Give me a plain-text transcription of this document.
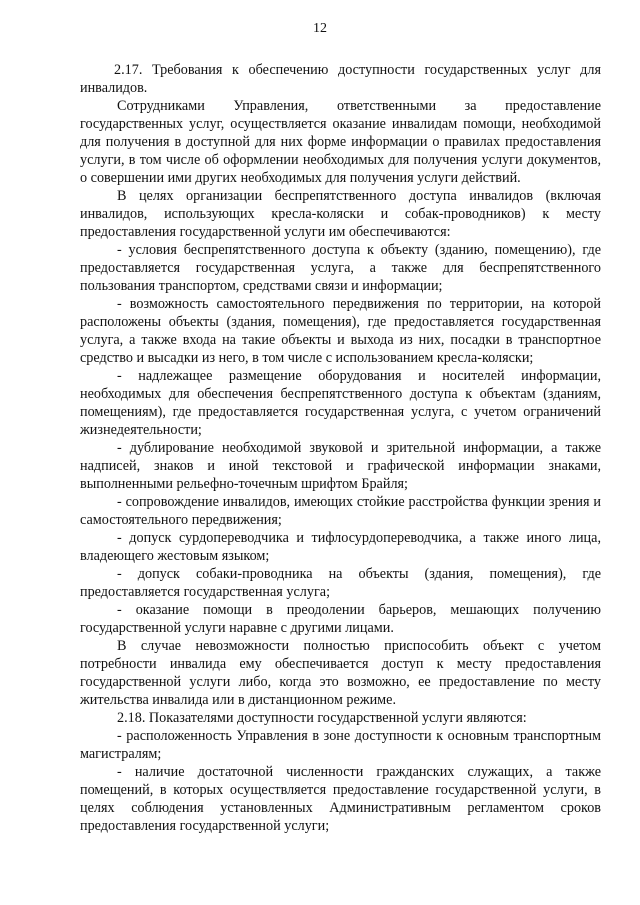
12

2.17. Требования к обеспечению доступности государственных услуг для инвалидов.

Сотрудниками Управления, ответственными за предоставление государственных услуг, осуществляется оказание инвалидам помощи, необходимой для получения в доступной для них форме информации о правилах предоставления услуги, в том числе об оформлении необходимых для получения услуги документов, о совершении ими других необходимых для получения услуги действий.

В целях организации беспрепятственного доступа инвалидов (включая инвалидов, использующих кресла-коляски и собак-проводников) к месту предоставления государственной услуги им обеспечиваются:

- условия беспрепятственного доступа к объекту (зданию, помещению), где предоставляется государственная услуга, а также для беспрепятственного пользования транспортом, средствами связи и информации;

- возможность самостоятельного передвижения по территории, на которой расположены объекты (здания, помещения), где предоставляется государственная услуга, а также входа на такие объекты и выхода из них, посадки в транспортное средство и высадки из него, в том числе с использованием кресла-коляски;

- надлежащее размещение оборудования и носителей информации, необходимых для обеспечения беспрепятственного доступа к объектам (зданиям, помещениям), где предоставляется государственная услуга, с учетом ограничений жизнедеятельности;

- дублирование необходимой звуковой и зрительной информации, а также надписей, знаков и иной текстовой и графической информации знаками, выполненными рельефно-точечным шрифтом Брайля;

- сопровождение инвалидов, имеющих стойкие расстройства функции зрения и самостоятельного передвижения;

- допуск сурдопереводчика и тифлосурдопереводчика, а также иного лица, владеющего жестовым языком;

- допуск собаки-проводника на объекты (здания, помещения), где предоставляется государственная услуга;

- оказание помощи в преодолении барьеров, мешающих получению государственной услуги наравне с другими лицами.

В случае невозможности полностью приспособить объект с учетом потребности инвалида ему обеспечивается доступ к месту предоставления государственной услуги либо, когда это возможно, ее предоставление по месту жительства инвалида или в дистанционном режиме.

2.18. Показателями доступности государственной услуги являются:

- расположенность Управления в зоне доступности к основным транспортным магистралям;

- наличие достаточной численности гражданских служащих, а также помещений, в которых осуществляется предоставление государственной услуги, в целях соблюдения установленных Административным регламентом сроков предоставления государственной услуги;
